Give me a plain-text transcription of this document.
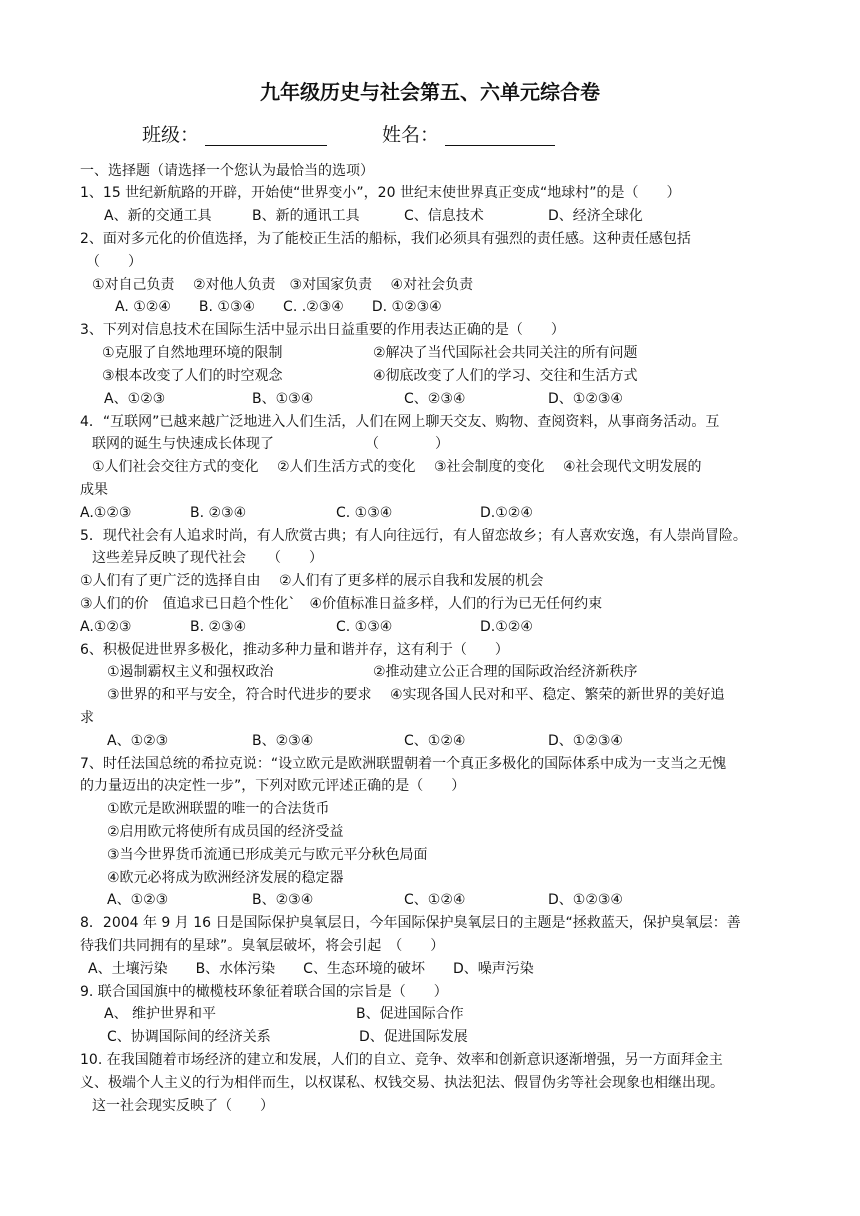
九年级历史与社会第五、六单元综合卷
班级：	姓名：
一、选择题（请选择一个您认为最恰当的选项）
1、15 世纪新航路的开辟，开始使“世界变小”，20 世纪末使世界真正变成“地球村”的是（　　）
A、新的交通工具	B、新的通讯工具	C、信息技术	D、经济全球化
2、面对多元化的价值选择，为了能校正生活的船标，我们必须具有强烈的责任感。这种责任感包括
（　　）
①对自己负责　 ②对他人负责　③对国家负责　 ④对社会负责
A. ①②④　　B. ①③④　　C. .②③④　　D. ①②③④
3、下列对信息技术在国际生活中显示出日益重要的作用表达正确的是（　　）
①克服了自然地理环境的限制	②解决了当代国际社会共同关注的所有问题
③根本改变了人们的时空观念	④彻底改变了人们的学习、交往和生活方式
A、①②③	B、①③④	C、②③④	D、①②③④
4．“互联网”已越来越广泛地进入人们生活，人们在网上聊天交友、购物、查阅资料，从事商务活动。互
联网的诞生与快速成长体现了　　　　　　　（　　　　）
①人们社会交往方式的变化　 ②人们生活方式的变化　 ③社会制度的变化　 ④社会现代文明发展的
成果
A.①②③	B. ②③④	C. ①③④	D.①②④
5．现代社会有人追求时尚，有人欣赏古典；有人向往远行，有人留恋故乡；有人喜欢安逸，有人崇尚冒险。
这些差异反映了现代社会　　（　　）
①人们有了更广泛的选择自由　 ②人们有了更多样的展示自我和发展的机会
③人们的价　值追求已日趋个性化`　④价值标准日益多样，人们的行为已无任何约束
A.①②③	B. ②③④	C. ①③④	D.①②④
6、积极促进世界多极化，推动多种力量和谐并存，这有利于（　　）
①遏制霸权主义和强权政治	②推动建立公正合理的国际政治经济新秩序
③世界的和平与安全，符合时代进步的要求　 ④实现各国人民对和平、稳定、繁荣的新世界的美好追
求
A、①②③	B、②③④	C、①②④	D、①②③④
7、时任法国总统的希拉克说：“设立欧元是欧洲联盟朝着一个真正多极化的国际体系中成为一支当之无愧
的力量迈出的决定性一步”，下列对欧元评述正确的是（　　）
①欧元是欧洲联盟的唯一的合法货币
②启用欧元将使所有成员国的经济受益
③当今世界货币流通已形成美元与欧元平分秋色局面
④欧元必将成为欧洲经济发展的稳定器
A、①②③	B、②③④	C、①②④	D、①②③④
8．2004 年 9 月 16 日是国际保护臭氧层日，今年国际保护臭氧层日的主题是“拯救蓝天，保护臭氧层：善
待我们共同拥有的星球”。臭氧层破坏，将会引起　（　　）
A、土壤污染　　B、水体污染　　C、生态环境的破坏　　D、噪声污染
9. 联合国国旗中的橄榄枝环象征着联合国的宗旨是（　　）
A、 维护世界和平	B、促进国际合作
C、协调国际间的经济关系	D、促进国际发展
10. 在我国随着市场经济的建立和发展，人们的自立、竞争、效率和创新意识逐渐增强，另一方面拜金主
义、极端个人主义的行为相伴而生，以权谋私、权钱交易、执法犯法、假冒伪劣等社会现象也相继出现。
这一社会现实反映了（　　）
